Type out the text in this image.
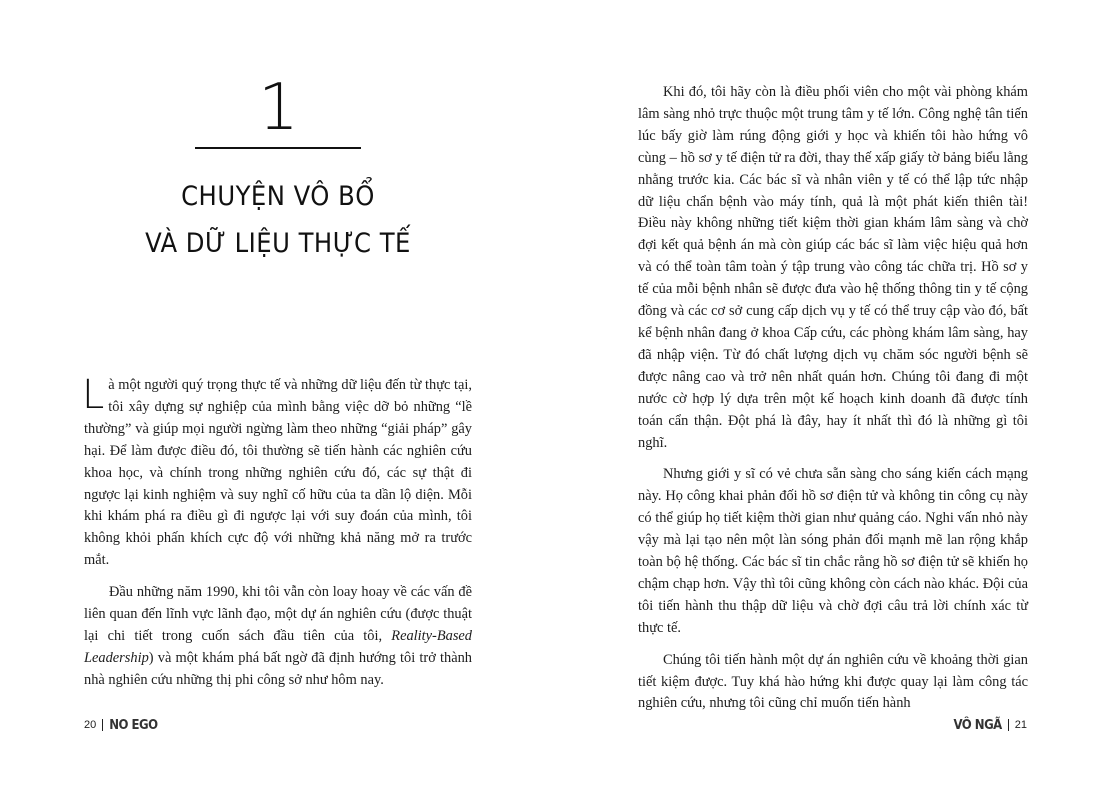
1
CHUYỆN VÔ BỔ
VÀ DỮ LIỆU THỰC TẾ

Là một người quý trọng thực tế và những dữ liệu đến từ thực tại, tôi xây dựng sự nghiệp của mình bằng việc dỡ bỏ những “lề thường” và giúp mọi người ngừng làm theo những “giải pháp” gây hại. Để làm được điều đó, tôi thường sẽ tiến hành các nghiên cứu khoa học, và chính trong những nghiên cứu đó, các sự thật đi ngược lại kinh nghiệm và suy nghĩ cố hữu của ta dần lộ diện. Mỗi khi khám phá ra điều gì đi ngược lại với suy đoán của mình, tôi không khỏi phấn khích cực độ với những khả năng mở ra trước mắt.

Đầu những năm 1990, khi tôi vẫn còn loay hoay về các vấn đề liên quan đến lĩnh vực lãnh đạo, một dự án nghiên cứu (được thuật lại chi tiết trong cuốn sách đầu tiên của tôi, Reality-Based Leadership) và một khám phá bất ngờ đã định hướng tôi trở thành nhà nghiên cứu những thị phi công sở như hôm nay.

20 NO EGO

Khi đó, tôi hãy còn là điều phối viên cho một vài phòng khám lâm sàng nhỏ trực thuộc một trung tâm y tế lớn. Công nghệ tân tiến lúc bấy giờ làm rúng động giới y học và khiến tôi hào hứng vô cùng – hồ sơ y tế điện tử ra đời, thay thế xấp giấy tờ bảng biểu lằng nhằng trước kia. Các bác sĩ và nhân viên y tế có thể lập tức nhập dữ liệu chẩn bệnh vào máy tính, quả là một phát kiến thiên tài! Điều này không những tiết kiệm thời gian khám lâm sàng và chờ đợi kết quả bệnh án mà còn giúp các bác sĩ làm việc hiệu quả hơn và có thể toàn tâm toàn ý tập trung vào công tác chữa trị. Hồ sơ y tế của mỗi bệnh nhân sẽ được đưa vào hệ thống thông tin y tế cộng đồng và các cơ sở cung cấp dịch vụ y tế có thể truy cập vào đó, bất kể bệnh nhân đang ở khoa Cấp cứu, các phòng khám lâm sàng, hay đã nhập viện. Từ đó chất lượng dịch vụ chăm sóc người bệnh sẽ được nâng cao và trở nên nhất quán hơn. Chúng tôi đang đi một nước cờ hợp lý dựa trên một kế hoạch kinh doanh đã được tính toán cẩn thận. Đột phá là đây, hay ít nhất thì đó là những gì tôi nghĩ.

Nhưng giới y sĩ có vẻ chưa sẵn sàng cho sáng kiến cách mạng này. Họ công khai phản đối hồ sơ điện tử và không tin công cụ này có thể giúp họ tiết kiệm thời gian như quảng cáo. Nghi vấn nhỏ này vậy mà lại tạo nên một làn sóng phản đối mạnh mẽ lan rộng khắp toàn bộ hệ thống. Các bác sĩ tin chắc rằng hồ sơ điện tử sẽ khiến họ chậm chạp hơn. Vậy thì tôi cũng không còn cách nào khác. Đội của tôi tiến hành thu thập dữ liệu và chờ đợi câu trả lời chính xác từ thực tế.

Chúng tôi tiến hành một dự án nghiên cứu về khoảng thời gian tiết kiệm được. Tuy khá hào hứng khi được quay lại làm công tác nghiên cứu, nhưng tôi cũng chỉ muốn tiến hành

VÔ NGÃ 21
